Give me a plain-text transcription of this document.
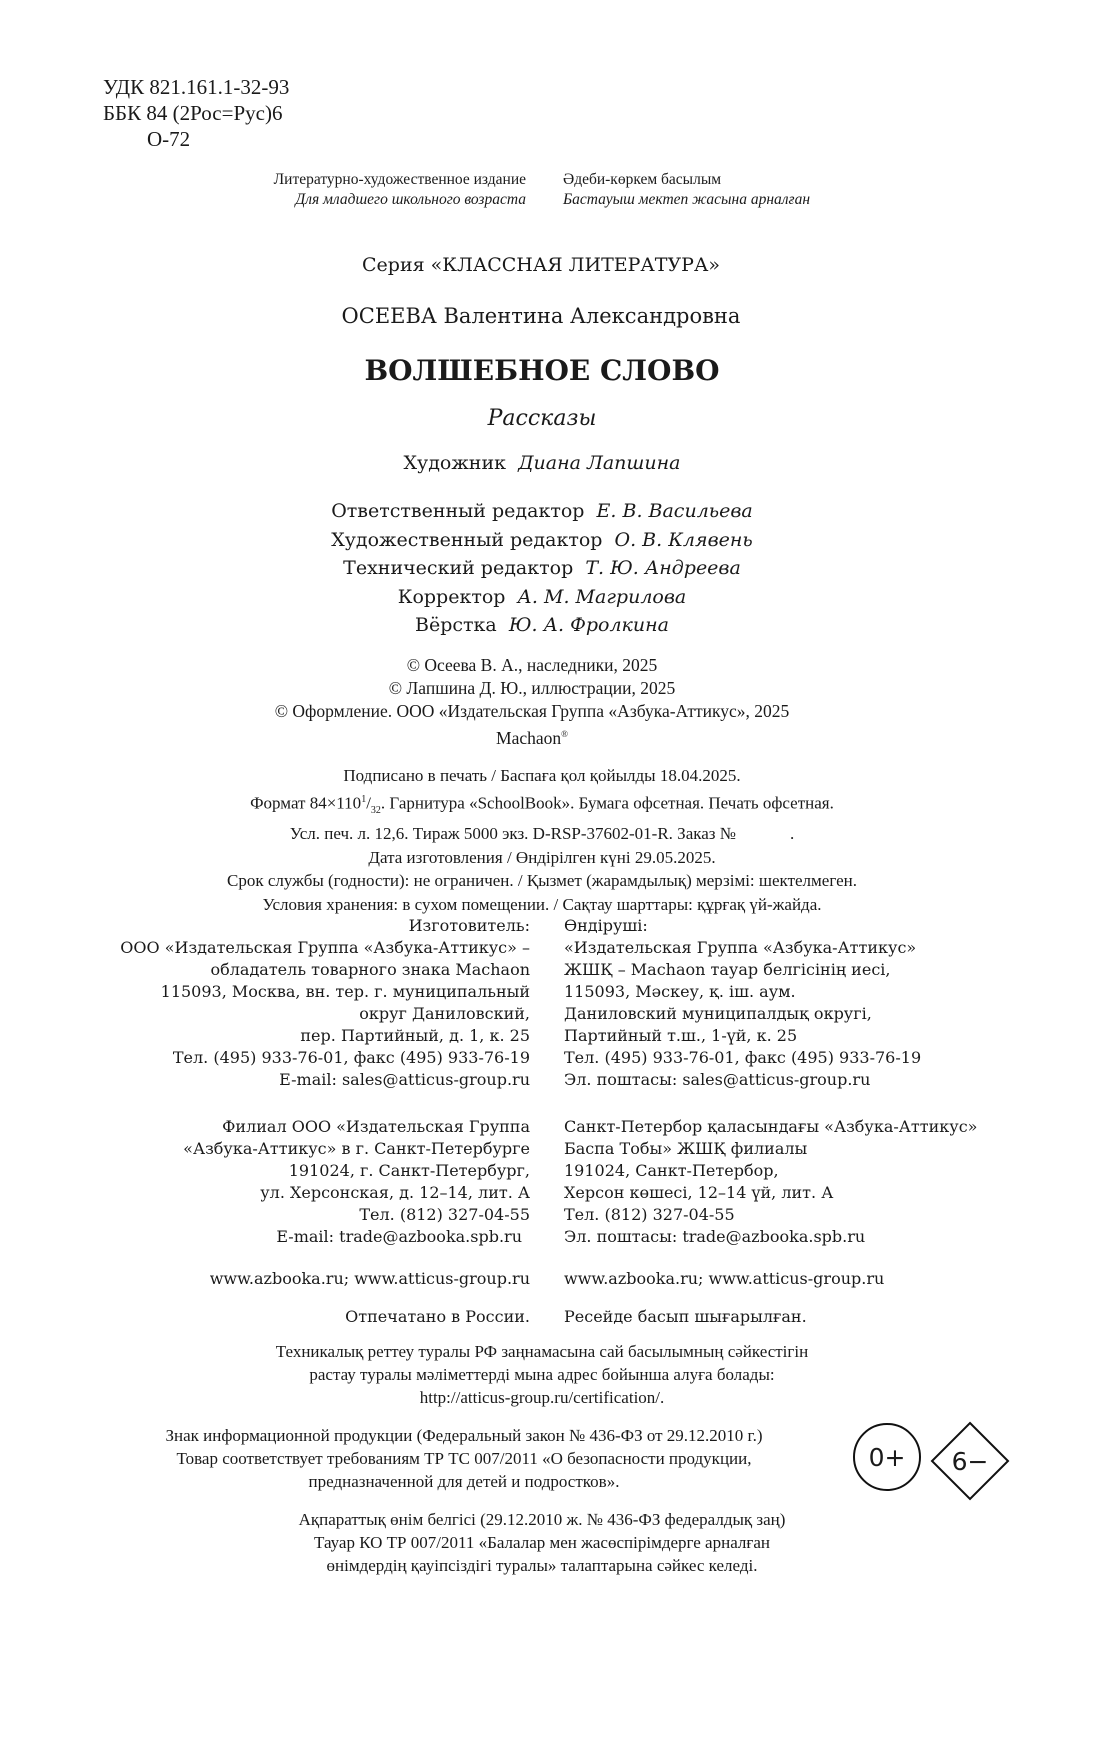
УДК 821.161.1-32-93
ББК 84 (2Рос=Рус)6
О-72
Литературно-художественное издание
Для младшего школьного возраста
Әдеби-көркем басылым
Бастауыш мектеп жасына арналған
Серия «КЛАССНАЯ ЛИТЕРАТУРА»
ОСЕЕВА Валентина Александровна
ВОЛШЕБНОЕ СЛОВО
Рассказы
Художник Диана Лапшина
Ответственный редактор Е. В. Васильева
Художественный редактор О. В. Клявень
Технический редактор Т. Ю. Андреева
Корректор А. М. Магрилова
Вёрстка Ю. А. Фролкина
© Осеева В. А., наследники, 2025
© Лапшина Д. Ю., иллюстрации, 2025
© Оформление. ООО «Издательская Группа «Азбука-Аттикус», 2025
Machaon®
Подписано в печать / Баспаға қол қойылды 18.04.2025.
Формат $84\times 110^1/_{32}$. Гарнитура «SchoolBook». Бумага офсетная. Печать офсетная.
Усл. печ. л. 12,6. Тираж 5000 экз. D-RSP-37602-01-R. Заказ №	.
Дата изготовления / Өндірілген күні 29.05.2025.
Срок службы (годности): не ограничен. / Қызмет (жарамдылық) мерзімі: шектелмеген.
Условия хранения: в сухом помещении. / Сақтау шарттары: құрғақ үй-жайда.
Изготовитель:
ООО «Издательская Группа «Азбука-Аттикус» –
обладатель товарного знака Machaon
115093, Москва, вн. тер. г. муниципальный
округ Даниловский,
пер. Партийный, д. 1, к. 25
Тел. (495) 933-76-01, факс (495) 933-76-19
E-mail: sales@atticus-group.ru
Өндіруші:
«Издательская Группа «Азбука-Аттикус»
ЖШҚ – Machaon тауар белгісінің иесі,
115093, Мәскеу, қ. іш. аум.
Даниловский муниципалдық округі,
Партийный т.ш., 1-үй, к. 25
Тел. (495) 933-76-01, факс (495) 933-76-19
Эл. поштасы: sales@atticus-group.ru
Филиал ООО «Издательская Группа
«Азбука-Аттикус» в г. Санкт-Петербурге
191024, г. Санкт-Петербург,
ул. Херсонская, д. 12–14, лит. А
Тел. (812) 327-04-55
E-mail: trade@azbooka.spb.ru
Санкт-Петербор қаласындағы «Азбука-Аттикус»
Баспа Тобы» ЖШҚ филиалы
191024, Санкт-Петербор,
Херсон көшесі, 12–14 үй, лит. А
Тел. (812) 327-04-55
Эл. поштасы: trade@azbooka.spb.ru
www.azbooka.ru; www.atticus-group.ru www.azbooka.ru; www.atticus-group.ru
Отпечатано в России. Ресейде басып шығарылған.
Техникалық реттеу туралы РФ заңнамасына сай басылымның сәйкестігін
растау туралы мәліметтерді мына адрес бойынша алуға болады:
http://atticus-group.ru/certification/.
Знак информационной продукции (Федеральный закон № 436-ФЗ от 29.12.2010 г.)
Товар соответствует требованиям ТР ТС 007/2011 «О безопасности продукции,
предназначенной для детей и подростков».
0+	6−
Ақпараттық өнім белгісі (29.12.2010 ж. № 436-ФЗ федералдық заң)
Тауар КО ТР 007/2011 «Балалар мен жасөспірімдерге арналған
өнімдердің қауіпсіздігі туралы» талаптарына сәйкес келеді.
